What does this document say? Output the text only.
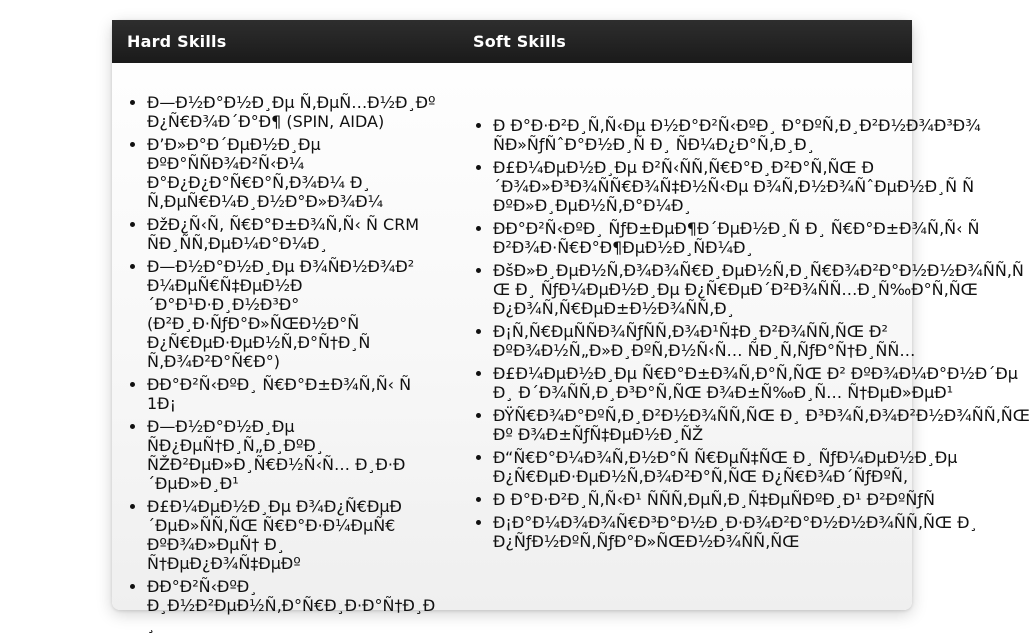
Hard Skills	Soft Skills
• Ð—Ð½Ð°Ð½Ð¸Ðµ Ñ‚ÐµÑ…Ð½Ð¸Ðº Ð¿Ñ€Ð¾Ð´Ð°Ð¶ (SPIN, AIDA)
• Ð’Ð»Ð°Ð´ÐµÐ½Ð¸Ðµ ÐºÐ°ÑÑÐ¾Ð²Ñ‹Ð¼ Ð°Ð¿Ð¿Ð°Ñ€Ð°Ñ‚Ð¾Ð¼ Ð¸ Ñ‚ÐµÑ€Ð¼Ð¸Ð½Ð°Ð»Ð¾Ð¼
• ÐžÐ¿Ñ‹Ñ‚ Ñ€Ð°Ð±Ð¾Ñ‚Ñ‹ Ñ CRM ÑÐ¸ÑÑ‚ÐµÐ¼Ð°Ð¼Ð¸
• Ð—Ð½Ð°Ð½Ð¸Ðµ Ð¾ÑÐ½Ð¾Ð² Ð¼ÐµÑ€Ñ‡ÐµÐ½Ð´Ð°Ð¹Ð·Ð¸Ð½Ð³Ð° (Ð²Ð¸Ð·ÑƒÐ°Ð»ÑŒÐ½Ð°Ñ Ð¿Ñ€ÐµÐ·ÐµÐ½Ñ‚Ð°Ñ†Ð¸Ñ Ñ‚Ð¾Ð²Ð°Ñ€Ð°)
• ÐÐ°Ð²Ñ‹ÐºÐ¸ Ñ€Ð°Ð±Ð¾Ñ‚Ñ‹ Ñ 1Ð¡
• Ð—Ð½Ð°Ð½Ð¸Ðµ ÑÐ¿ÐµÑ†Ð¸Ñ„Ð¸ÐºÐ¸ ÑŽÐ²ÐµÐ»Ð¸Ñ€Ð½Ñ‹Ñ… Ð¸Ð·Ð´ÐµÐ»Ð¸Ð¹
• Ð£Ð¼ÐµÐ½Ð¸Ðµ Ð¾Ð¿Ñ€ÐµÐ´ÐµÐ»ÑÑ‚ÑŒ Ñ€Ð°Ð·Ð¼ÐµÑ€ ÐºÐ¾Ð»ÐµÑ† Ð¸ Ñ†ÐµÐ¿Ð¾Ñ‡ÐµÐº
• ÐÐ°Ð²Ñ‹ÐºÐ¸ Ð¸Ð½Ð²ÐµÐ½Ñ‚Ð°Ñ€Ð¸Ð·Ð°Ñ†Ð¸Ð¸
• Ð Ð°Ð·Ð²Ð¸Ñ‚Ñ‹Ðµ Ð½Ð°Ð²Ñ‹ÐºÐ¸ Ð°ÐºÑ‚Ð¸Ð²Ð½Ð¾Ð³Ð¾ ÑÐ»ÑƒÑˆÐ°Ð½Ð¸Ñ Ð¸ ÑÐ¼Ð¿Ð°Ñ‚Ð¸Ð¸
• Ð£Ð¼ÐµÐ½Ð¸Ðµ Ð²Ñ‹ÑÑ‚Ñ€Ð°Ð¸Ð²Ð°Ñ‚ÑŒ Ð´Ð¾Ð»Ð³Ð¾ÑÑ€Ð¾Ñ‡Ð½Ñ‹Ðµ Ð¾Ñ‚Ð½Ð¾ÑˆÐµÐ½Ð¸Ñ Ñ ÐºÐ»Ð¸ÐµÐ½Ñ‚Ð°Ð¼Ð¸
• ÐÐ°Ð²Ñ‹ÐºÐ¸ ÑƒÐ±ÐµÐ¶Ð´ÐµÐ½Ð¸Ñ Ð¸ Ñ€Ð°Ð±Ð¾Ñ‚Ñ‹ Ñ Ð²Ð¾Ð·Ñ€Ð°Ð¶ÐµÐ½Ð¸ÑÐ¼Ð¸
• ÐšÐ»Ð¸ÐµÐ½Ñ‚Ð¾Ð¾Ñ€Ð¸ÐµÐ½Ñ‚Ð¸Ñ€Ð¾Ð²Ð°Ð½Ð½Ð¾ÑÑ‚ÑŒ Ð¸ ÑƒÐ¼ÐµÐ½Ð¸Ðµ Ð¿Ñ€ÐµÐ´Ð²Ð¾ÑÑ…Ð¸Ñ‰Ð°Ñ‚ÑŒ Ð¿Ð¾Ñ‚Ñ€ÐµÐ±Ð½Ð¾ÑÑ‚Ð¸
• Ð¡Ñ‚Ñ€ÐµÑÑÐ¾ÑƒÑÑ‚Ð¾Ð¹Ñ‡Ð¸Ð²Ð¾ÑÑ‚ÑŒ Ð² ÐºÐ¾Ð½Ñ„Ð»Ð¸ÐºÑ‚Ð½Ñ‹Ñ… ÑÐ¸Ñ‚ÑƒÐ°Ñ†Ð¸ÑÑ…
• Ð£Ð¼ÐµÐ½Ð¸Ðµ Ñ€Ð°Ð±Ð¾Ñ‚Ð°Ñ‚ÑŒ Ð² ÐºÐ¾Ð¼Ð°Ð½Ð´Ðµ Ð¸ Ð´Ð¾ÑÑ‚Ð¸Ð³Ð°Ñ‚ÑŒ Ð¾Ð±Ñ‰Ð¸Ñ… Ñ†ÐµÐ»ÐµÐ¹
• ÐŸÑ€Ð¾Ð°ÐºÑ‚Ð¸Ð²Ð½Ð¾ÑÑ‚ÑŒ Ð¸ Ð³Ð¾Ñ‚Ð¾Ð²Ð½Ð¾ÑÑ‚ÑŒ Ðº Ð¾Ð±ÑƒÑ‡ÐµÐ½Ð¸ÑŽ
• Ð“Ñ€Ð°Ð¼Ð¾Ñ‚Ð½Ð°Ñ Ñ€ÐµÑ‡ÑŒ Ð¸ ÑƒÐ¼ÐµÐ½Ð¸Ðµ Ð¿Ñ€ÐµÐ·ÐµÐ½Ñ‚Ð¾Ð²Ð°Ñ‚ÑŒ Ð¿Ñ€Ð¾Ð´ÑƒÐºÑ‚
• Ð Ð°Ð·Ð²Ð¸Ñ‚Ñ‹Ð¹ ÑÑÑ‚ÐµÑ‚Ð¸Ñ‡ÐµÑÐºÐ¸Ð¹ Ð²ÐºÑƒÑ
• Ð¡Ð°Ð¼Ð¾Ð¾Ñ€Ð³Ð°Ð½Ð¸Ð·Ð¾Ð²Ð°Ð½Ð½Ð¾ÑÑ‚ÑŒ Ð¸ Ð¿ÑƒÐ½ÐºÑ‚ÑƒÐ°Ð»ÑŒÐ½Ð¾ÑÑ‚ÑŒ
